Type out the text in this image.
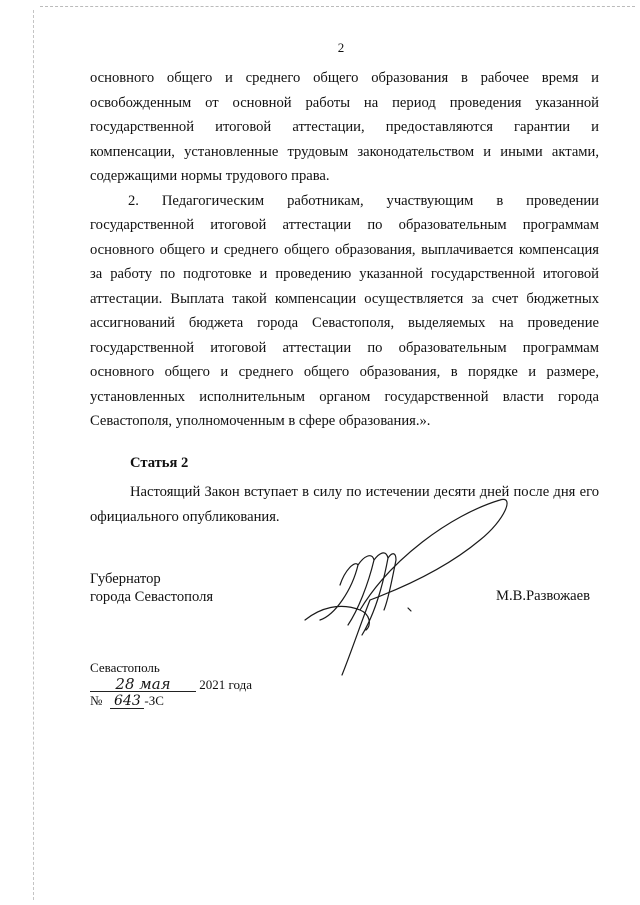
2

основного общего и среднего общего образования в рабочее время и освобожденным от основной работы на период проведения указанной государственной итоговой аттестации, предоставляются гарантии и компенсации, установленные трудовым законодательством и иными актами, содержащими нормы трудового права.

2. Педагогическим работникам, участвующим в проведении государственной итоговой аттестации по образовательным программам основного общего и среднего общего образования, выплачивается компенсация за работу по подготовке и проведению указанной государственной итоговой аттестации. Выплата такой компенсации осуществляется за счет бюджетных ассигнований бюджета города Севастополя, выделяемых на проведение государственной итоговой аттестации по образовательным программам основного общего и среднего общего образования, в порядке и размере, установленных исполнительным органом государственной власти города Севастополя, уполномоченным в сфере образования.».

Статья 2

Настоящий Закон вступает в силу по истечении десяти дней после дня его официального опубликования.

Губернатор
города Севастополя	М.В.Развожаев
Севастополь
28 мая 2021 года
№ 643 -ЗС
